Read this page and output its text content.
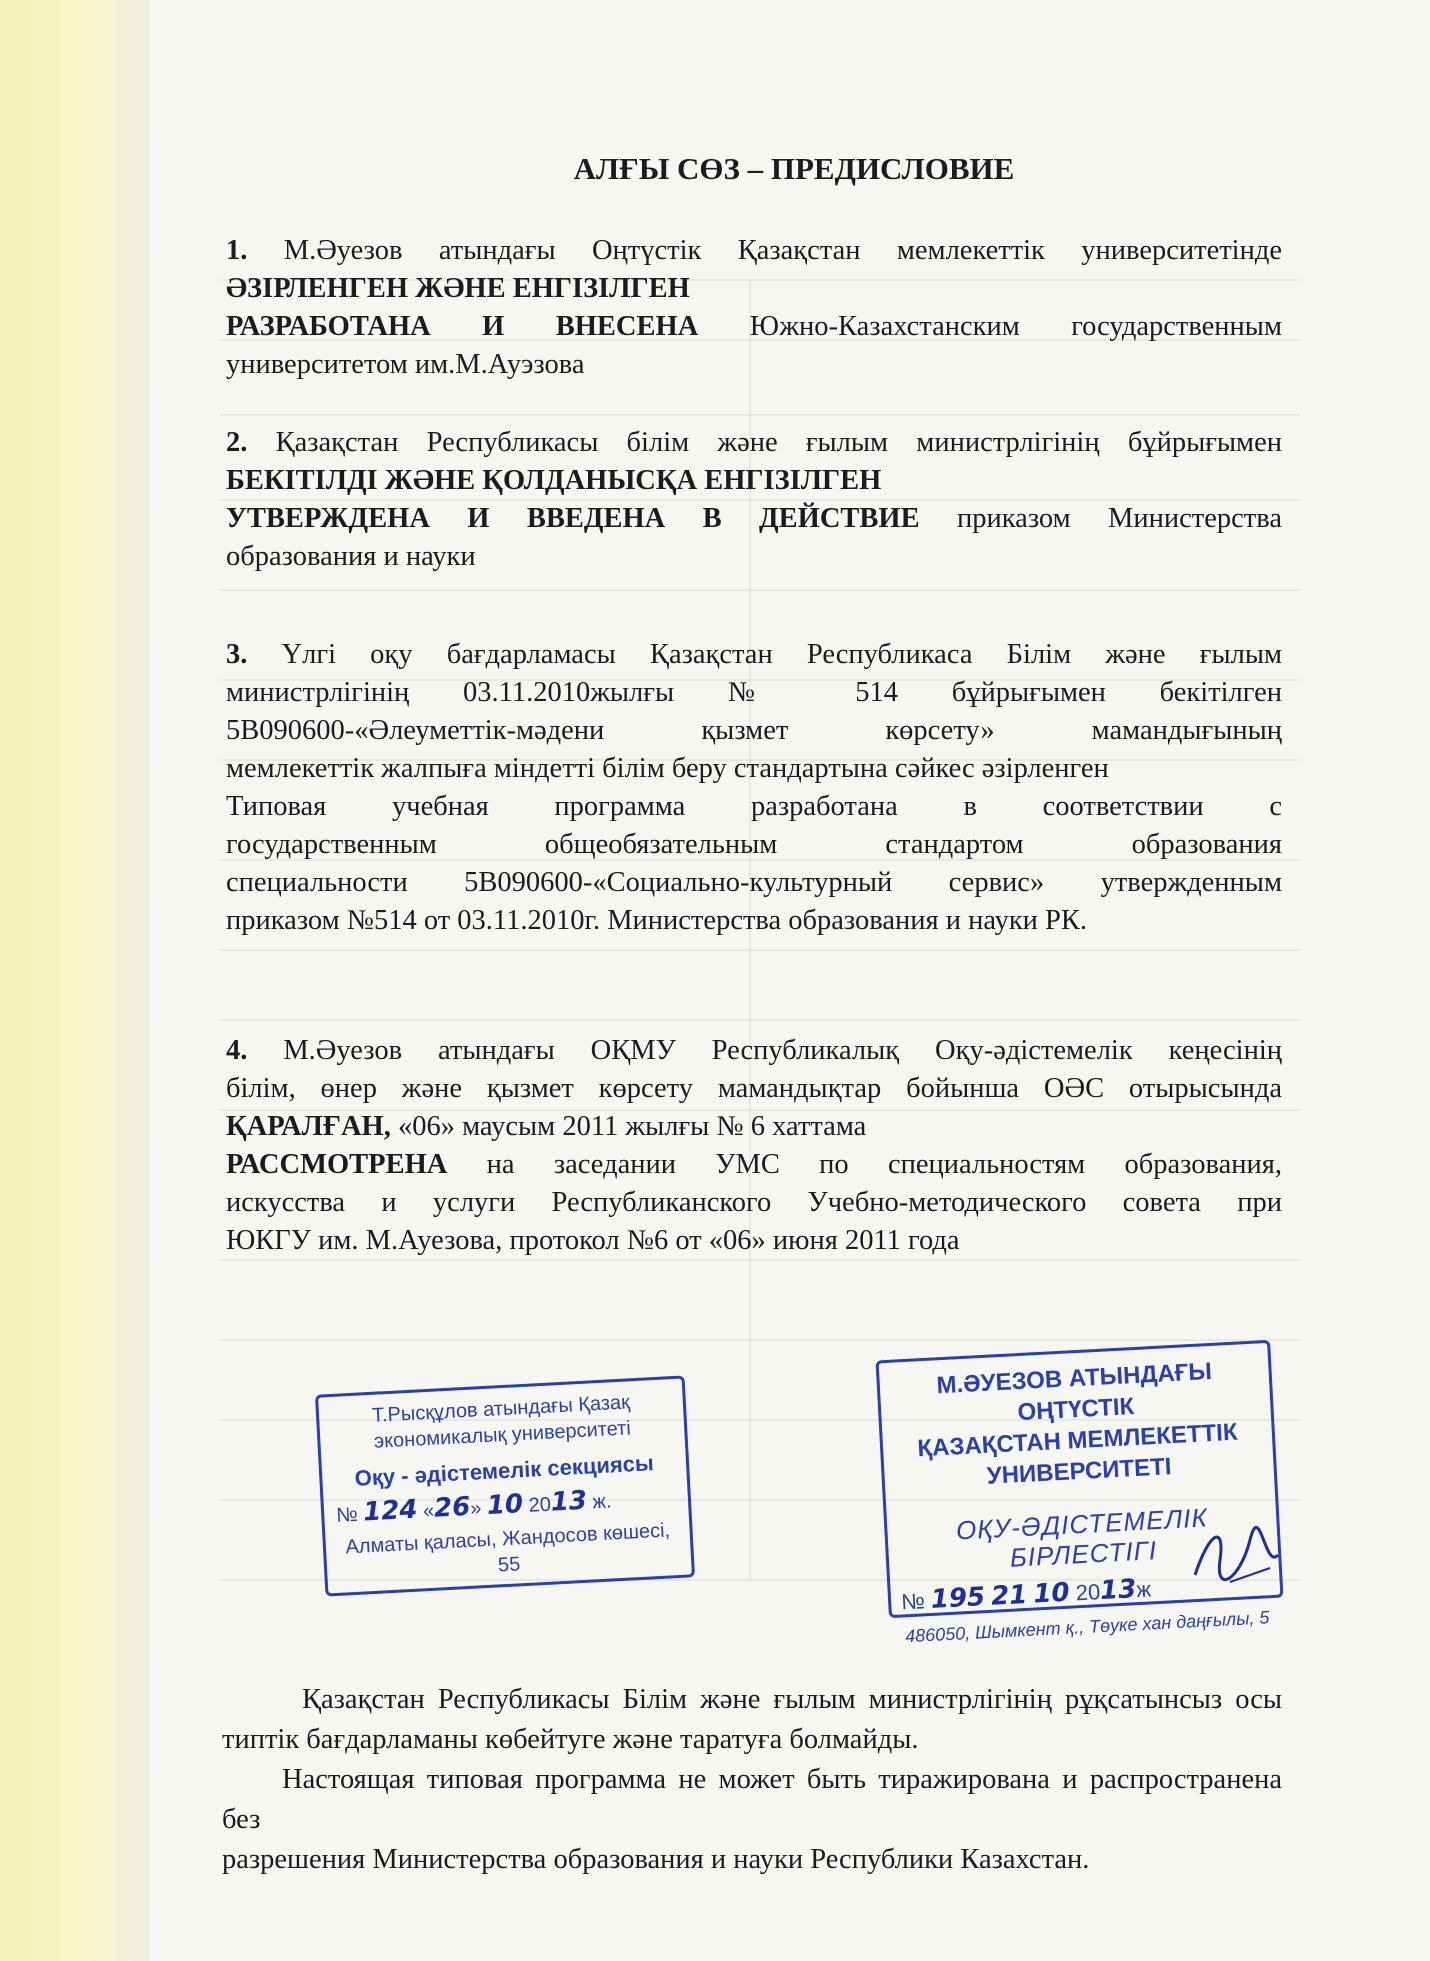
АЛҒЫ СӨЗ – ПРЕДИСЛОВИЕ
1. М.Әуезов атындағы Оңтүстік Қазақстан мемлекеттік университетінде
ӘЗІРЛЕНГЕН ЖӘНЕ ЕНГІЗІЛГЕН
РАЗРАБОТАНА И ВНЕСЕНА Южно-Казахстанским государственным
университетом им.М.Ауэзова
2. Қазақстан Республикасы білім және ғылым министрлігінің бұйрығымен
БЕКІТІЛДІ ЖӘНЕ ҚОЛДАНЫСҚА ЕНГІЗІЛГЕН
УТВЕРЖДЕНА И ВВЕДЕНА В ДЕЙСТВИЕ приказом Министерства
образования и науки
3. Үлгі оқу бағдарламасы Қазақстан Республикаса Білім және ғылым
министрлігінің 03.11.2010жылғы № 514 бұйрығымен бекітілген
5В090600-«Әлеуметтік-мәдени қызмет көрсету» мамандығының
мемлекеттік жалпыға міндетті білім беру стандартына сәйкес әзірленген
Типовая учебная программа разработана в соответствии с
государственным общеобязательным стандартом образования
специальности 5В090600-«Социально-культурный сервис» утвержденным
приказом №514 от 03.11.2010г. Министерства образования и науки РК.
4. М.Әуезов атындағы ОҚМУ Республикалық Оқу-әдістемелік кеңесінің
білім, өнер және қызмет көрсету мамандықтар бойынша ОӘС отырысында
ҚАРАЛҒАН, «06» маусым 2011 жылғы № 6 хаттама
РАССМОТРЕНА на заседании УМС по специальностям образования,
искусства и услуги Республиканского Учебно-методического совета при
ЮКГУ им. М.Ауезова, протокол №6 от «06» июня 2011 года
Т.Рысқұлов атындағы Қазақ
экономикалық университеті
Оқу - әдістемелік секциясы
№ 124 «26» 10 2013 ж.
Алматы қаласы, Жандосов көшесі, 55
М.ӘУЕЗОВ АТЫНДАҒЫ ОҢТҮСТІК
ҚАЗАҚСТАН МЕМЛЕКЕТТІК
УНИВЕРСИТЕТІ
ОҚУ-ӘДІСТЕМЕЛІК БІРЛЕСТІГІ
№ 195 21 10 2013ж
486050, Шымкент қ., Төуке хан даңғылы, 5

Қазақстан Республикасы Білім және ғылым министрлігінің рұқсатынсыз осы

типтік бағдарламаны көбейтуге және таратуға болмайды.

Настоящая типовая программа не может быть тиражирована и распространена без

разрешения Министерства образования и науки Республики Казахстан.
